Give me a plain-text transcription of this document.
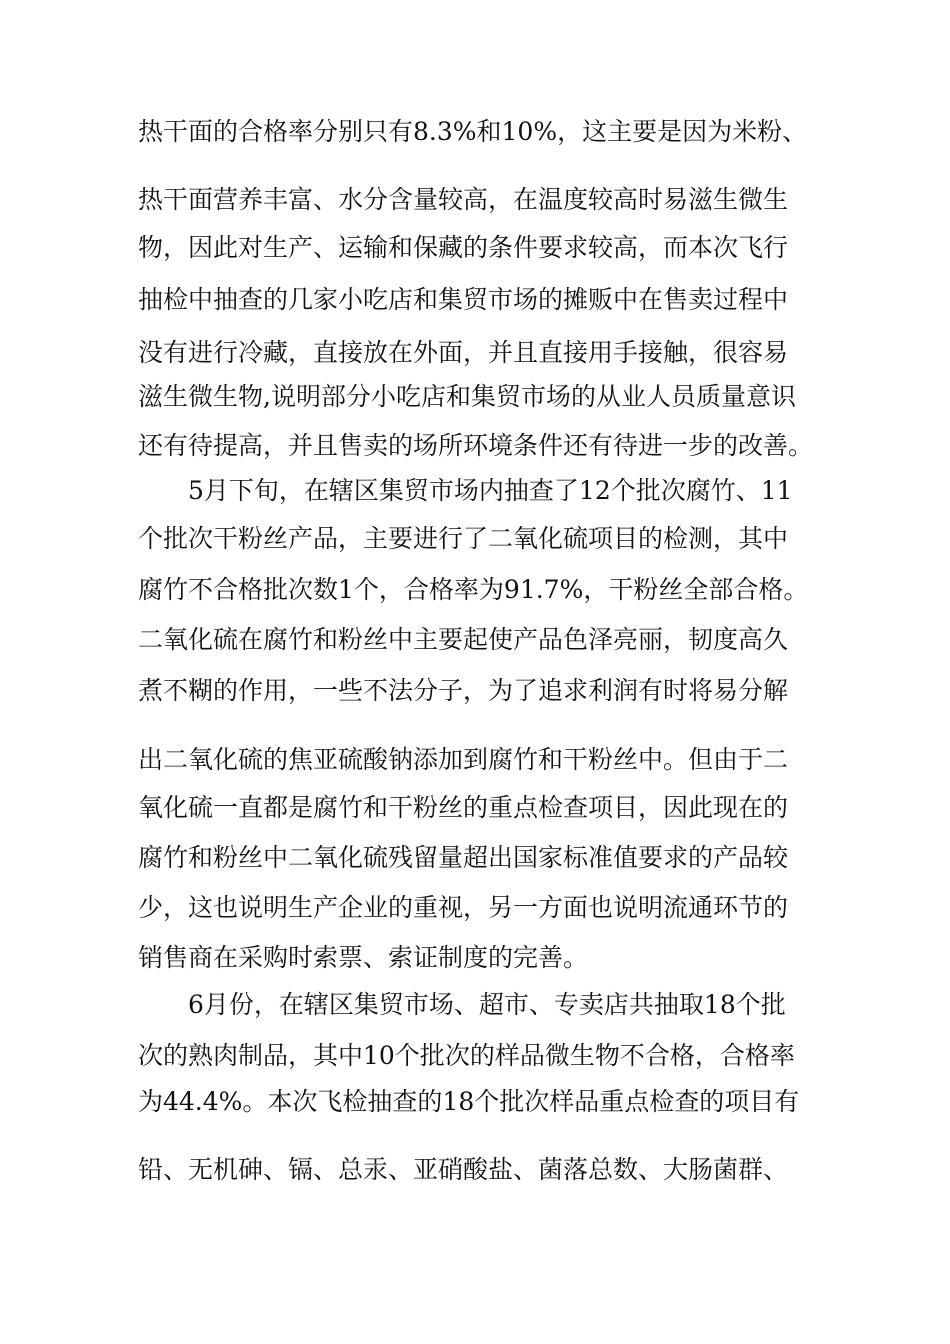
热干面的合格率分别只有8.3%和10%，这主要是因为米粉、
热干面营养丰富、水分含量较高，在温度较高时易滋生微生
物，因此对生产、运输和保藏的条件要求较高，而本次飞行
抽检中抽查的几家小吃店和集贸市场的摊贩中在售卖过程中
没有进行冷藏，直接放在外面，并且直接用手接触，很容易
滋生微生物,说明部分小吃店和集贸市场的从业人员质量意识
还有待提高，并且售卖的场所环境条件还有待进一步的改善。
5月下旬，在辖区集贸市场内抽查了12个批次腐竹、11
个批次干粉丝产品，主要进行了二氧化硫项目的检测，其中
腐竹不合格批次数1个，合格率为91.7%，干粉丝全部合格。
二氧化硫在腐竹和粉丝中主要起使产品色泽亮丽，韧度高久
煮不糊的作用，一些不法分子，为了追求利润有时将易分解
出二氧化硫的焦亚硫酸钠添加到腐竹和干粉丝中。但由于二
氧化硫一直都是腐竹和干粉丝的重点检查项目，因此现在的
腐竹和粉丝中二氧化硫残留量超出国家标准值要求的产品较
少，这也说明生产企业的重视，另一方面也说明流通环节的
销售商在采购时索票、索证制度的完善。
6月份，在辖区集贸市场、超市、专卖店共抽取18个批
次的熟肉制品，其中10个批次的样品微生物不合格，合格率
为44.4%。本次飞检抽查的18个批次样品重点检查的项目有
铅、无机砷、镉、总汞、亚硝酸盐、菌落总数、大肠菌群、
